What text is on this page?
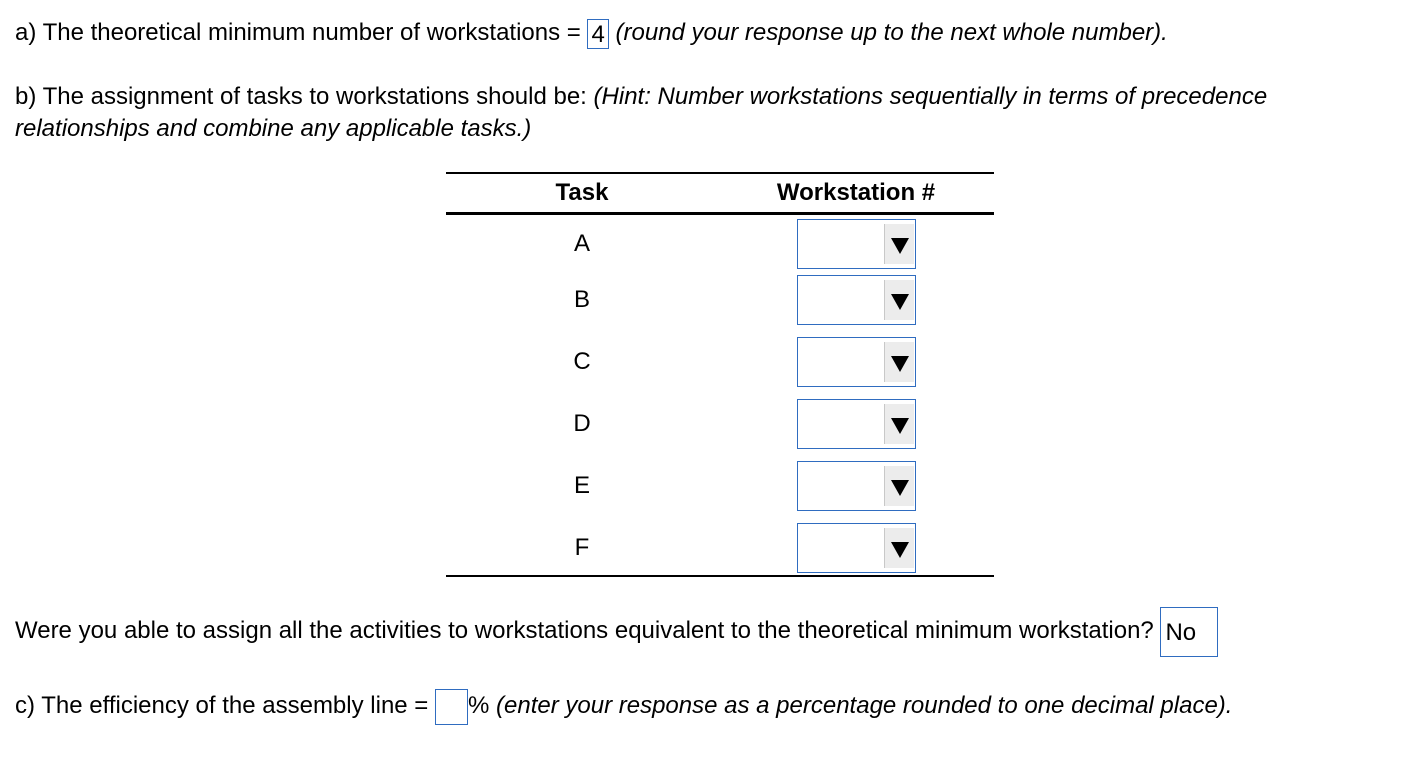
a) The theoretical minimum number of workstations = 4 (round your response up to the next whole number).
b) The assignment of tasks to workstations should be: (Hint: Number workstations sequentially in terms of precedence
relationships and combine any applicable tasks.)
Task	Workstation #
A
B
C
D
E
F
Were you able to assign all the activities to workstations equivalent to the theoretical minimum workstation? No
c) The efficiency of the assembly line = % (enter your response as a percentage rounded to one decimal place).
